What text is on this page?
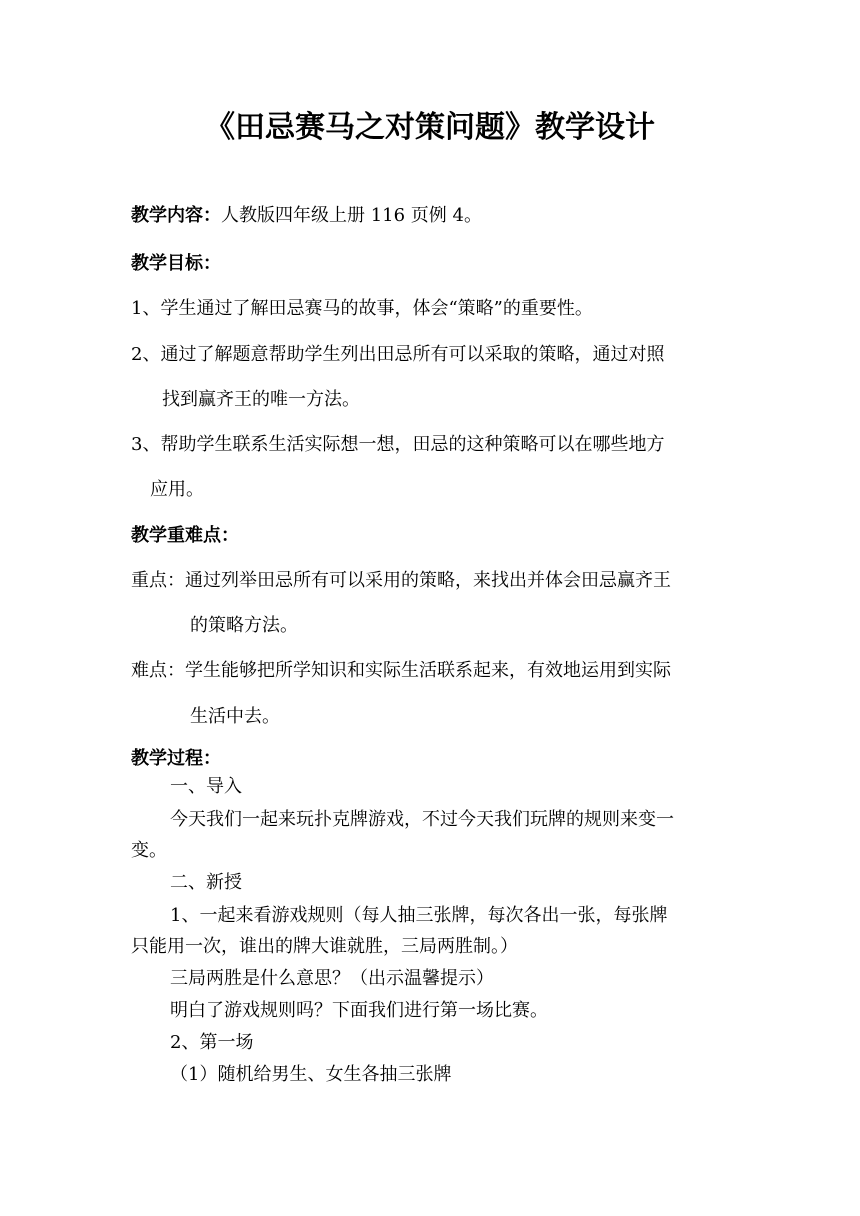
《田忌赛马之对策问题》教学设计
教学内容：人教版四年级上册 116 页例 4。
教学目标：
1、学生通过了解田忌赛马的故事，体会“策略”的重要性。
2、通过了解题意帮助学生列出田忌所有可以采取的策略，通过对照
找到赢齐王的唯一方法。
3、帮助学生联系生活实际想一想，田忌的这种策略可以在哪些地方
应用。
教学重难点：
重点：通过列举田忌所有可以采用的策略，来找出并体会田忌赢齐王
的策略方法。
难点：学生能够把所学知识和实际生活联系起来，有效地运用到实际
生活中去。
教学过程：
一、导入
今天我们一起来玩扑克牌游戏，不过今天我们玩牌的规则来变一
变。
二、新授
1、一起来看游戏规则（每人抽三张牌，每次各出一张，每张牌
只能用一次，谁出的牌大谁就胜，三局两胜制。）
三局两胜是什么意思？（出示温馨提示）
明白了游戏规则吗？下面我们进行第一场比赛。
2、第一场
（1）随机给男生、女生各抽三张牌
